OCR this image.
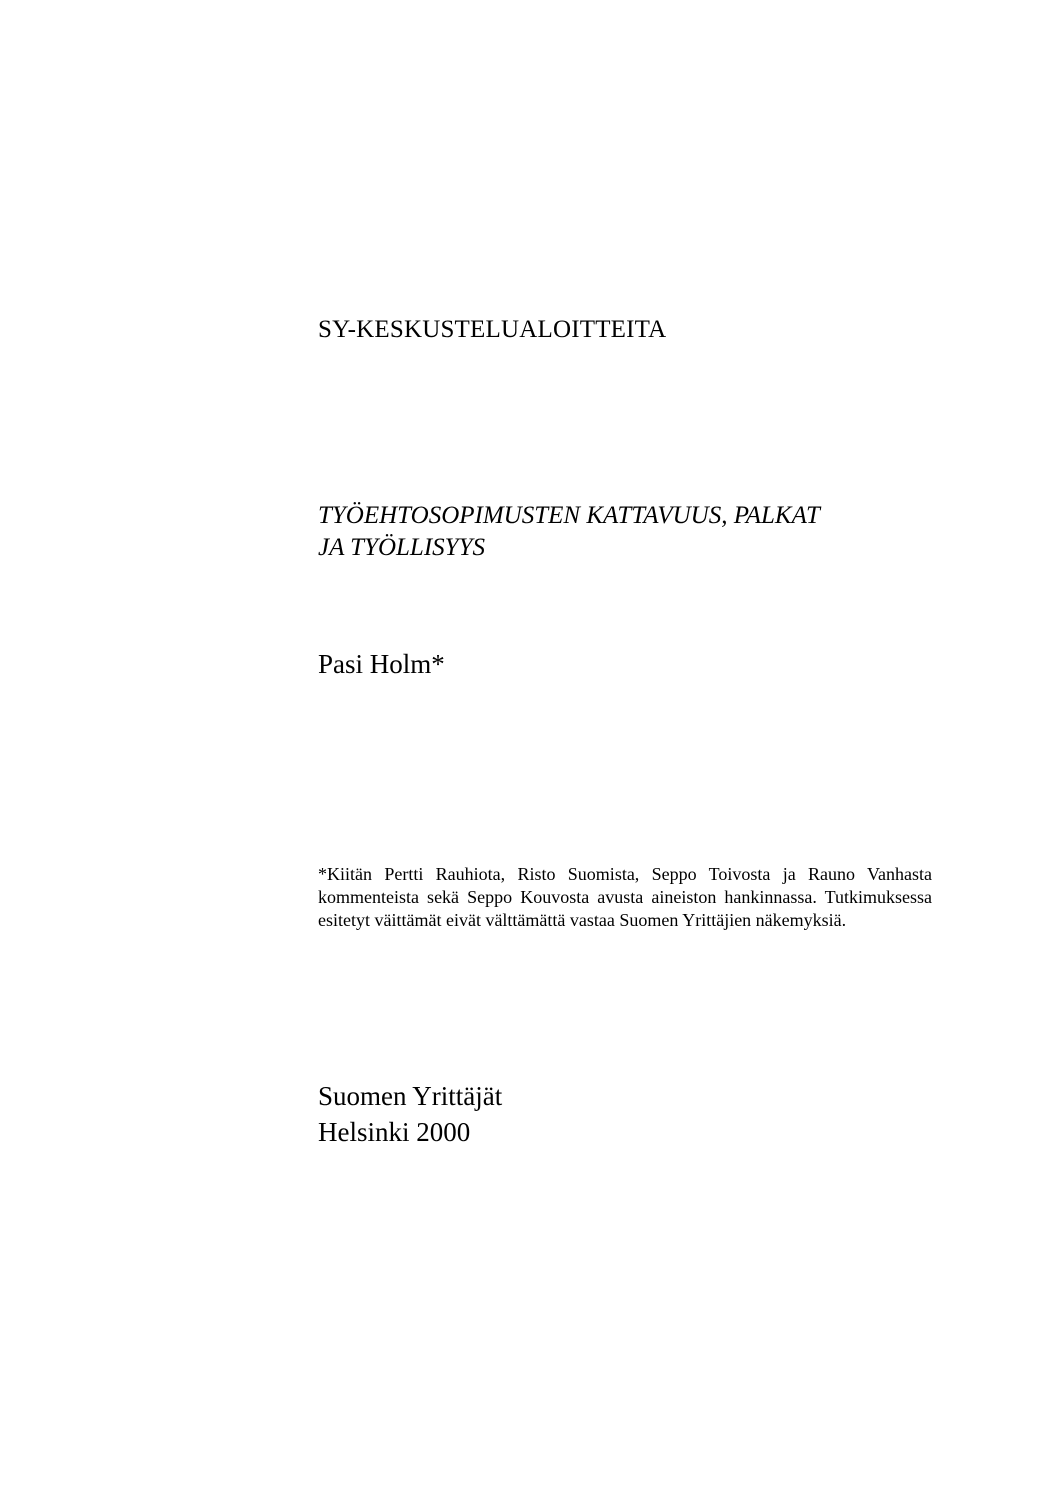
SY-KESKUSTELUALOITTEITA
TYÖEHTOSOPIMUSTEN KATTAVUUS, PALKAT
JA TYÖLLISYYS
Pasi Holm*

*Kiitän Pertti Rauhiota, Risto Suomista, Seppo Toivosta ja Rauno Vanhasta kommenteista sekä Seppo Kouvosta avusta aineiston hankinnassa. Tutkimuksessa esitetyt väittämät eivät välttämättä vastaa Suomen Yrittäjien näkemyksiä.

Suomen Yrittäjät
Helsinki 2000
